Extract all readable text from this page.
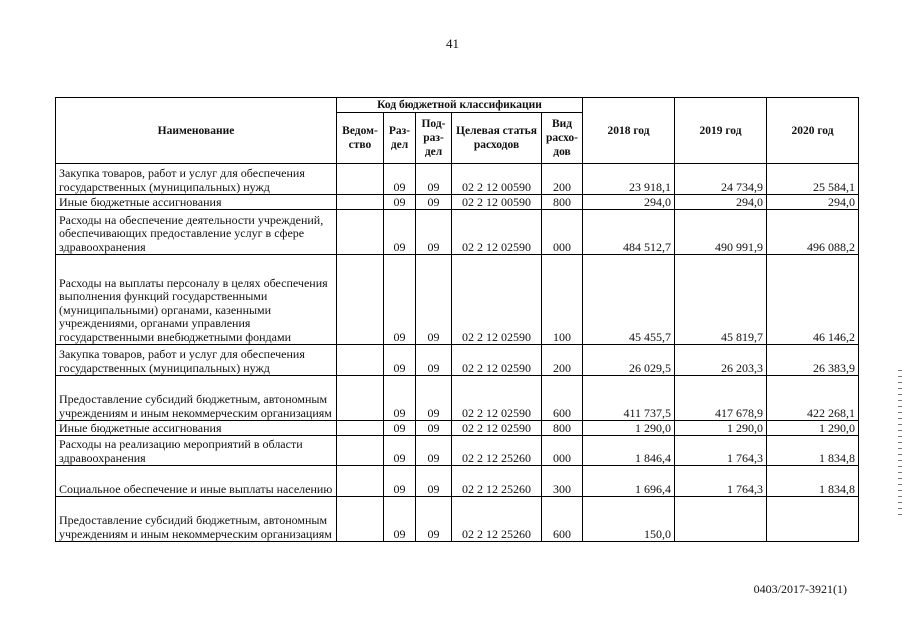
41
Наименование	Код бюджетной классификации					2018 год	2019 год	2020 год
	Ведом-ство	Раз-дел	Под-раз-дел	Целевая статья расходов	Вид расхо-дов			
Закупка товаров, работ и услуг для обеспечения государственных (муниципальных) нужд		09	09	02 2 12 00590	200	23 918,1	24 734,9	25 584,1
Иные бюджетные ассигнования		09	09	02 2 12 00590	800	294,0	294,0	294,0
Расходы на обеспечение деятельности учреждений, обеспечивающих предоставление услуг в сфере здравоохранения		09	09	02 2 12 02590	000	484 512,7	490 991,9	496 088,2
Расходы на выплаты персоналу в целях обеспечения выполнения функций государственными (муниципальными) органами, казенными учреждениями, органами управления государственными внебюджетными фондами		09	09	02 2 12 02590	100	45 455,7	45 819,7	46 146,2
Закупка товаров, работ и услуг для обеспечения государственных (муниципальных) нужд		09	09	02 2 12 02590	200	26 029,5	26 203,3	26 383,9
Предоставление субсидий бюджетным, автономным учреждениям и иным некоммерческим организациям		09	09	02 2 12 02590	600	411 737,5	417 678,9	422 268,1
Иные бюджетные ассигнования		09	09	02 2 12 02590	800	1 290,0	1 290,0	1 290,0
Расходы на реализацию мероприятий в области здравоохранения		09	09	02 2 12 25260	000	1 846,4	1 764,3	1 834,8
Социальное обеспечение и иные выплаты населению		09	09	02 2 12 25260	300	1 696,4	1 764,3	1 834,8
Предоставление субсидий бюджетным, автономным учреждениям и иным некоммерческим организациям		09	09	02 2 12 25260	600	150,0		
0403/2017-3921(1)
